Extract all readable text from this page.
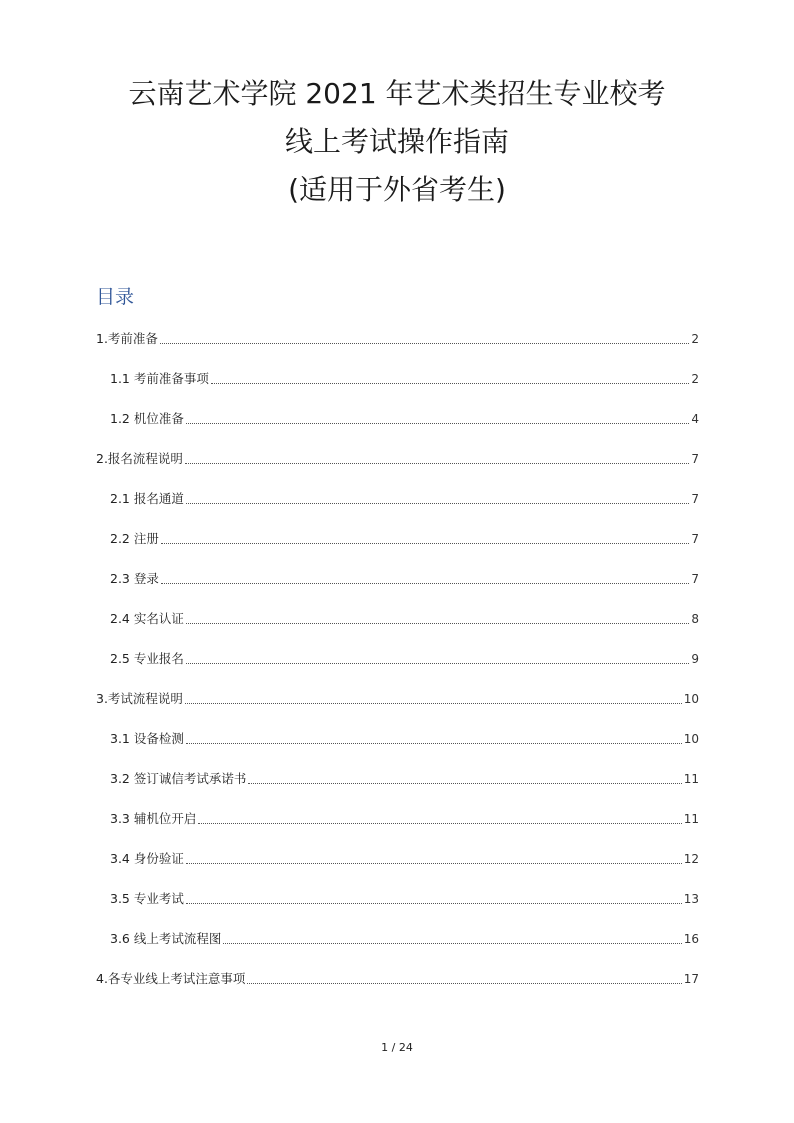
云南艺术学院 2021 年艺术类招生专业校考
线上考试操作指南
(适用于外省考生)
目录
1.考前准备	2
1.1 考前准备事项	2
1.2 机位准备	4
2.报名流程说明	7
2.1 报名通道	7
2.2 注册	7
2.3 登录	7
2.4 实名认证	8
2.5 专业报名	9
3.考试流程说明	10
3.1 设备检测	10
3.2 签订诚信考试承诺书	11
3.3 辅机位开启	11
3.4 身份验证	12
3.5 专业考试	13
3.6 线上考试流程图	16
4.各专业线上考试注意事项	17
1 / 24
